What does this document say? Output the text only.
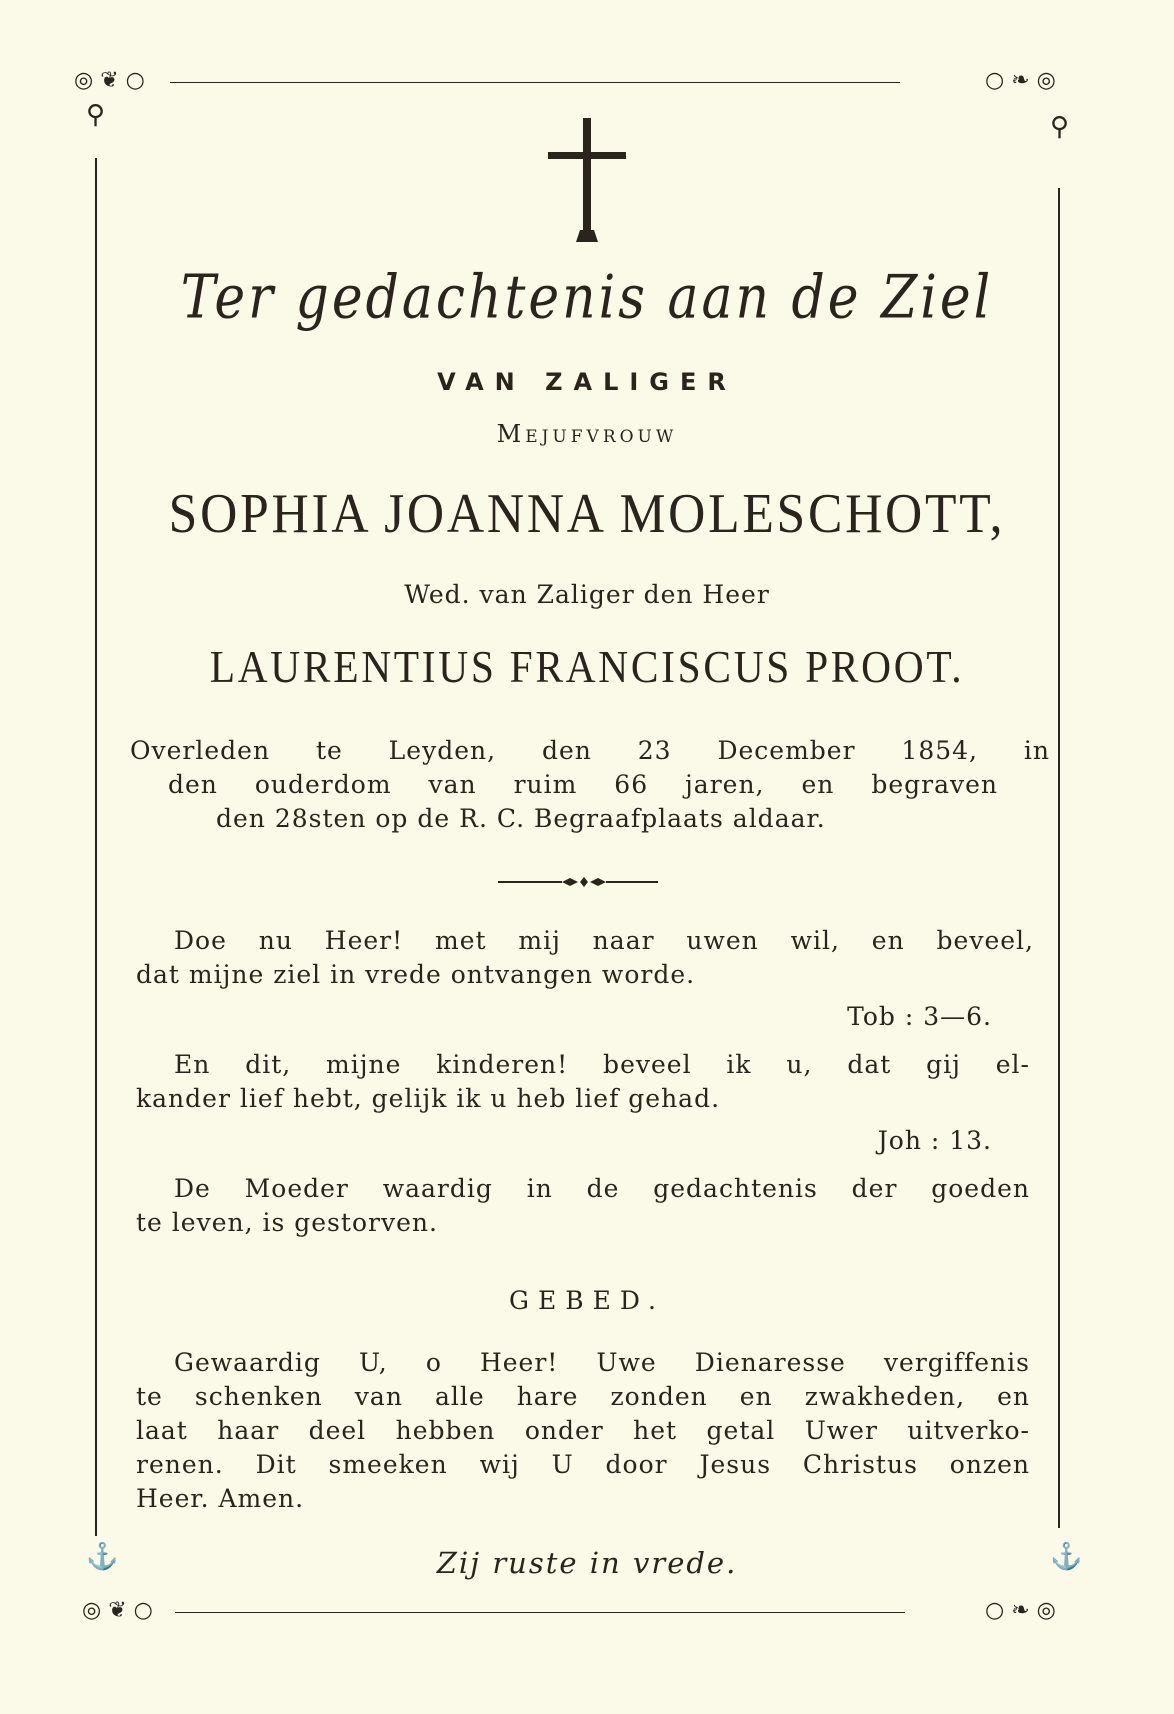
◎ ❦ ○	○ ❧ ◎
◎ ❦ ○	○ ❧ ◎
⚲	⚲
⚓	⚓
Ter gedachtenis aan de Ziel
VAN ZALIGER
Mejufvrouw
SOPHIA JOANNA MOLESCHOTT,
Wed. van Zaliger den Heer
LAURENTIUS FRANCISCUS PROOT.
Overleden te Leyden, den 23 December 1854, in
den ouderdom van ruim 66 jaren, en begraven
den 28sten op de R. C. Begraafplaats aldaar.
Doe nu Heer! met mij naar uwen wil, en beveel,
dat mijne ziel in vrede ontvangen worde.
Tob : 3—6.
En dit, mijne kinderen! beveel ik u, dat gij el-
kander lief hebt, gelijk ik u heb lief gehad.
Joh : 13.
De Moeder waardig in de gedachtenis der goeden
te leven, is gestorven.
GEBED.
Gewaardig U, o Heer! Uwe Dienaresse vergiffenis
te schenken van alle hare zonden en zwakheden, en
laat haar deel hebben onder het getal Uwer uitverko-
renen. Dit smeeken wij U door Jesus Christus onzen
Heer. Amen.
Zij ruste in vrede.
